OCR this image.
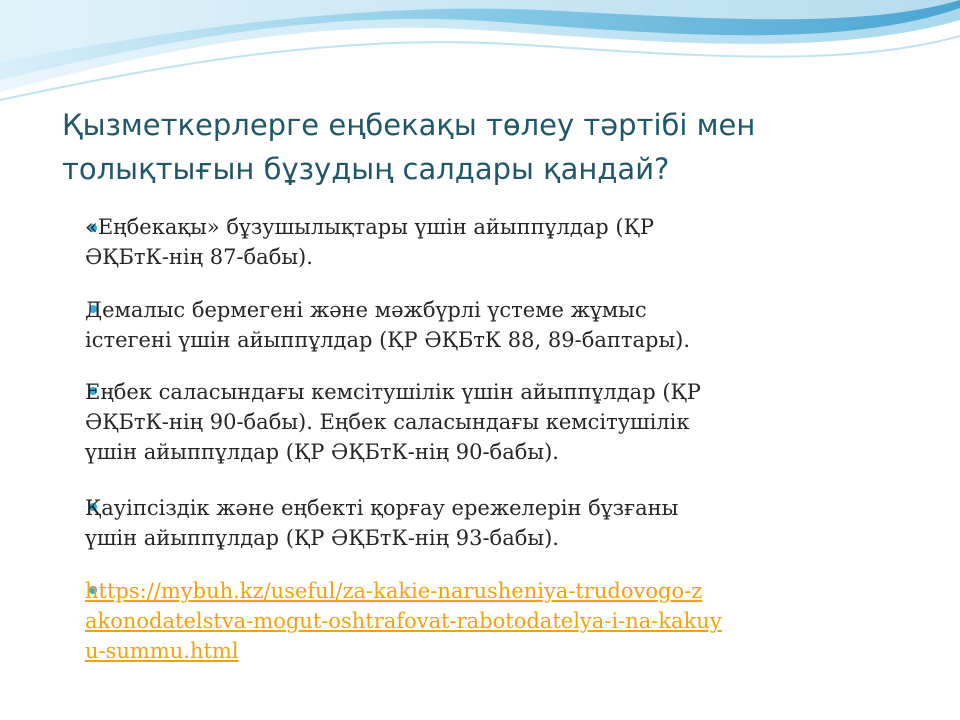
Қызметкерлерге еңбекақы төлеу тәртібі мен
толықтығын бұзудың салдары қандай?
«Еңбекақы» бұзушылықтары үшін айыппұлдар (ҚР
ӘҚБтК-нің 87-бабы).
Демалыс бермегені және мәжбүрлі үстеме жұмыс
істегені үшін айыппұлдар (ҚР ӘҚБтК 88, 89-баптары).
Еңбек саласындағы кемсітушілік үшін айыппұлдар (ҚР
ӘҚБтК-нің 90-бабы). Еңбек саласындағы кемсітушілік
үшін айыппұлдар (ҚР ӘҚБтК-нің 90-бабы).
Қауіпсіздік және еңбекті қорғау ережелерін бұзғаны
үшін айыппұлдар (ҚР ӘҚБтК-нің 93-бабы).
https://mybuh.kz/useful/za-kakie-narusheniya-trudovogo-z
akonodatelstva-mogut-oshtrafovat-rabotodatelya-i-na-kakuy
u-summu.html
